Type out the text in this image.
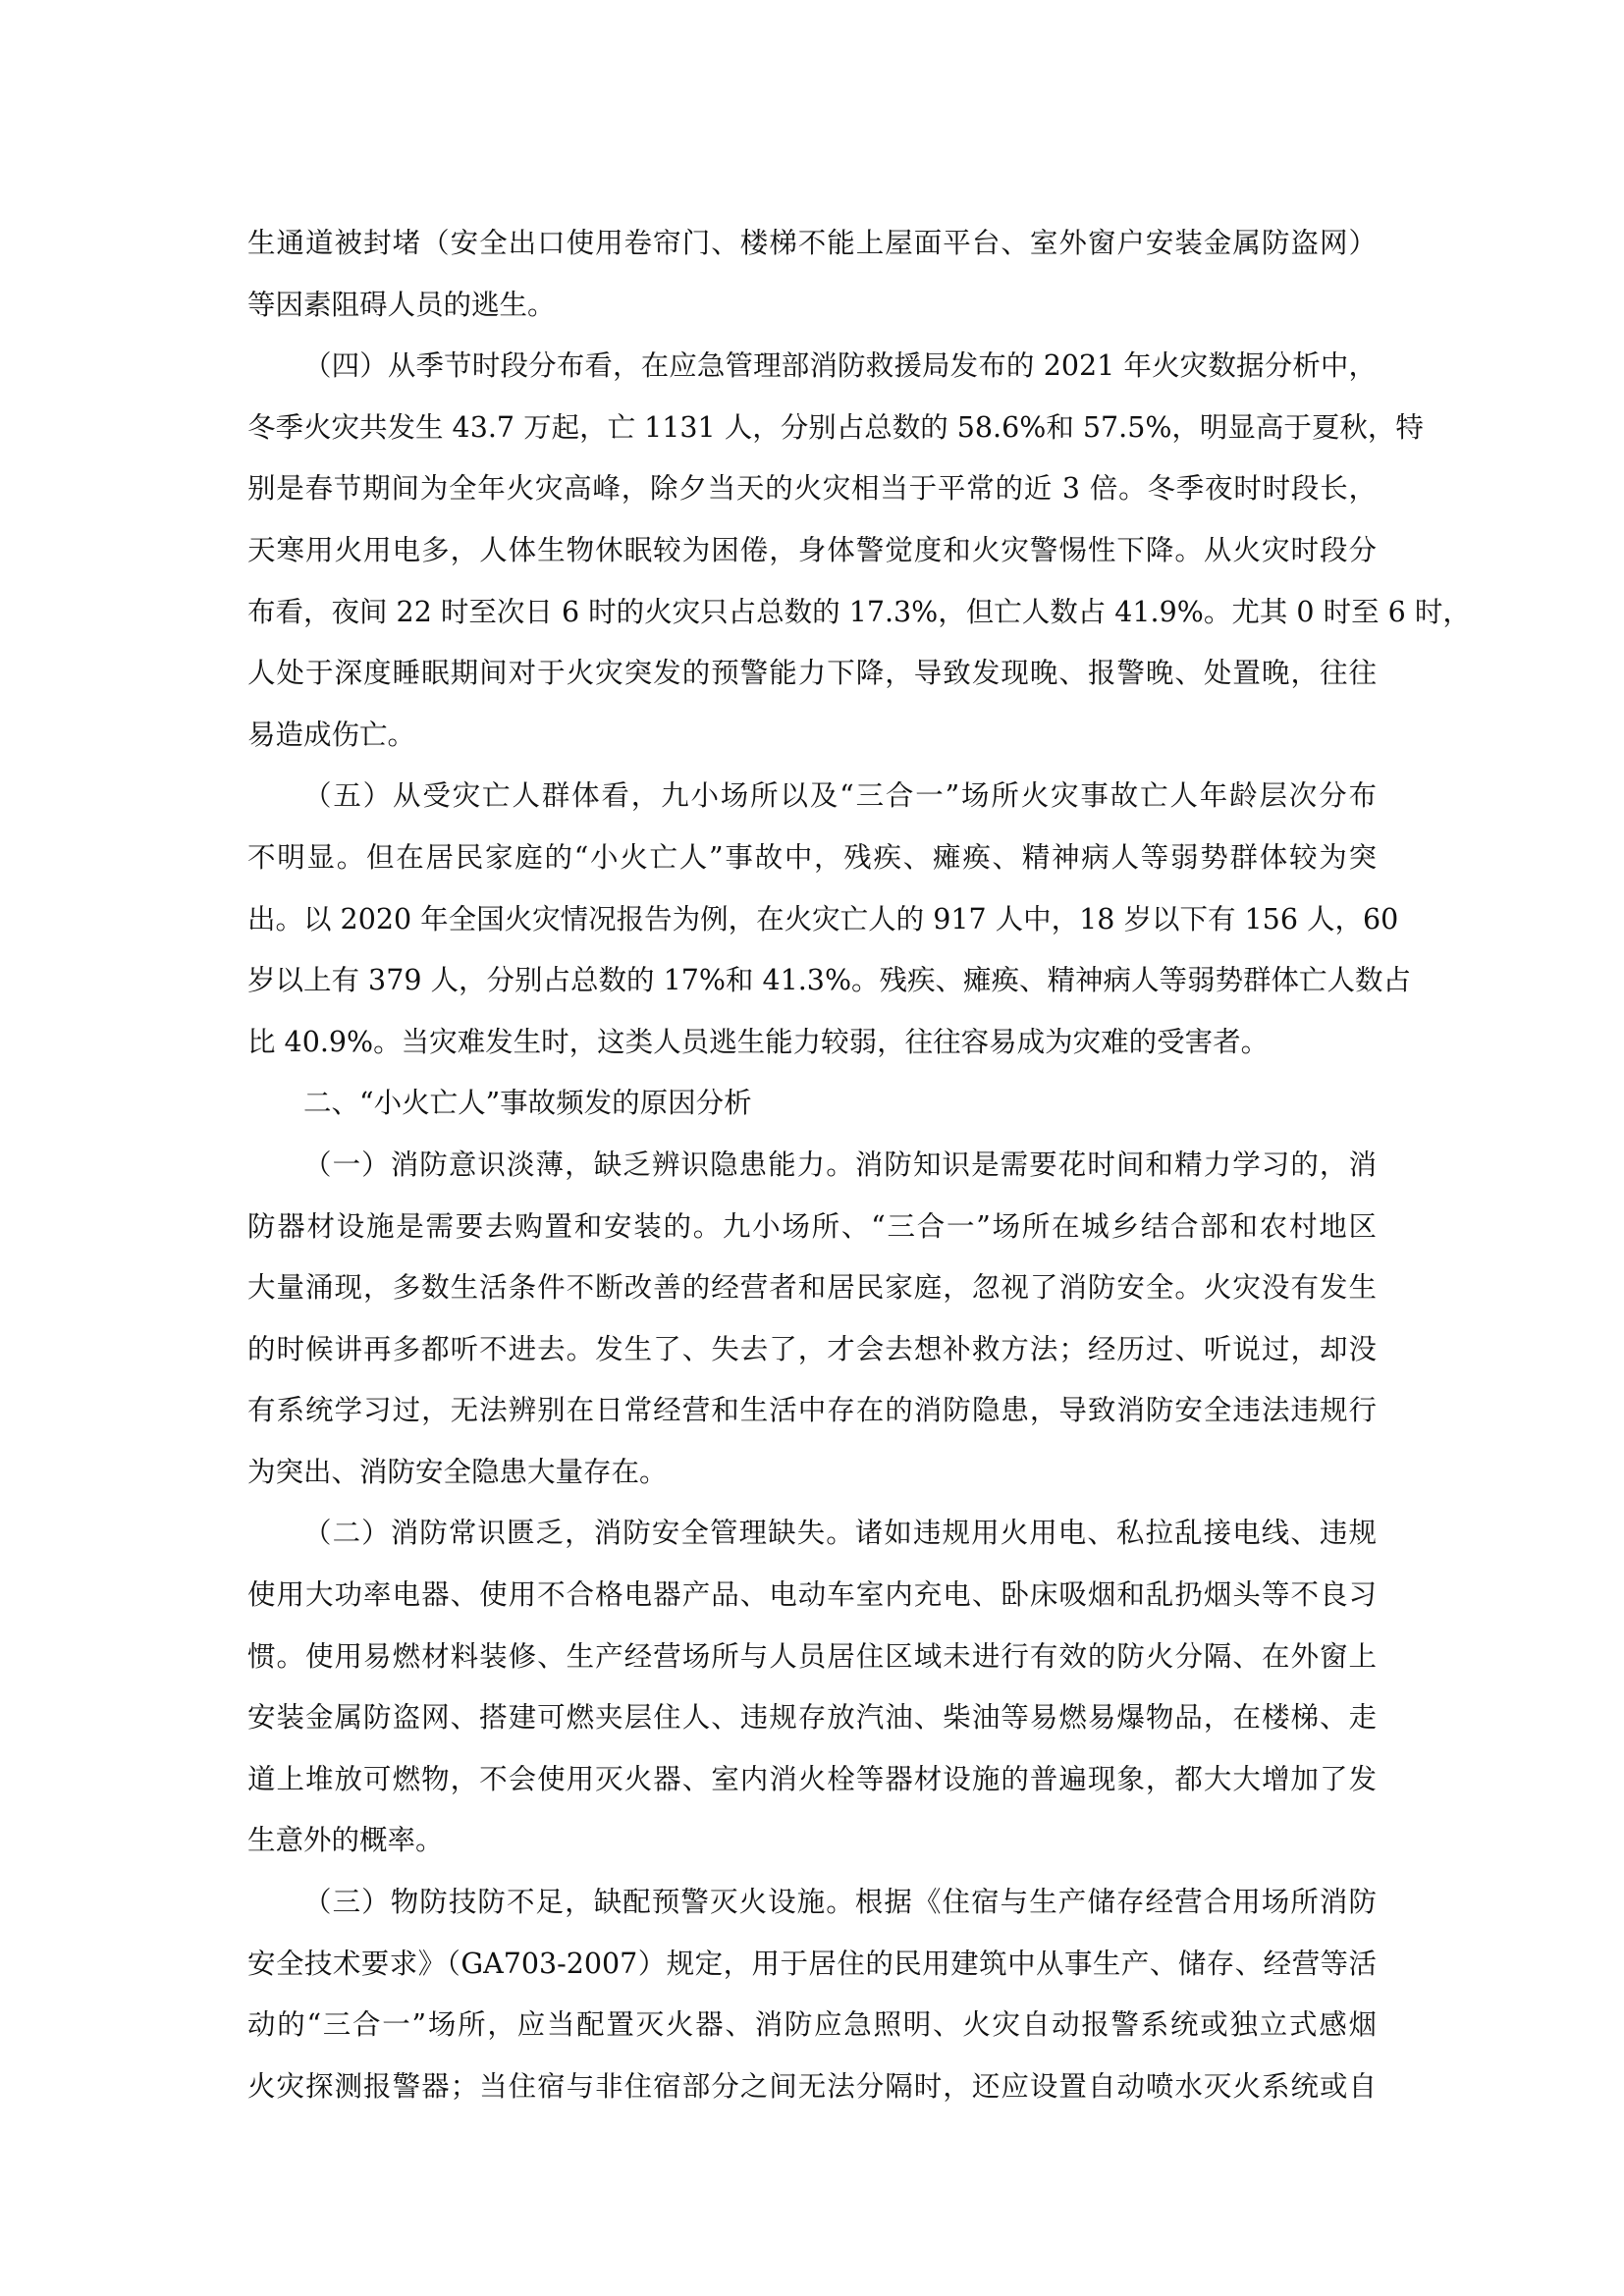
生通道被封堵（安全出口使用卷帘门、楼梯不能上屋面平台、室外窗户安装金属防盗网）
等因素阻碍人员的逃生。
（四）从季节时段分布看，在应急管理部消防救援局发布的 2021 年火灾数据分析中，
冬季火灾共发生 43.7 万起，亡 1131 人，分别占总数的 58.6%和 57.5%，明显高于夏秋，特
别是春节期间为全年火灾高峰，除夕当天的火灾相当于平常的近 3 倍。冬季夜时时段长，
天寒用火用电多，人体生物休眠较为困倦，身体警觉度和火灾警惕性下降。从火灾时段分
布看，夜间 22 时至次日 6 时的火灾只占总数的 17.3%，但亡人数占 41.9%。尤其 0 时至 6 时，
人处于深度睡眠期间对于火灾突发的预警能力下降，导致发现晚、报警晚、处置晚，往往
易造成伤亡。
（五）从受灾亡人群体看，九小场所以及“三合一”场所火灾事故亡人年龄层次分布
不明显。但在居民家庭的“小火亡人”事故中，残疾、瘫痪、精神病人等弱势群体较为突
出。以 2020 年全国火灾情况报告为例，在火灾亡人的 917 人中，18 岁以下有 156 人，60
岁以上有 379 人，分别占总数的 17%和 41.3%。残疾、瘫痪、精神病人等弱势群体亡人数占
比 40.9%。当灾难发生时，这类人员逃生能力较弱，往往容易成为灾难的受害者。
二、“小火亡人”事故频发的原因分析
（一）消防意识淡薄，缺乏辨识隐患能力。消防知识是需要花时间和精力学习的，消
防器材设施是需要去购置和安装的。九小场所、“三合一”场所在城乡结合部和农村地区
大量涌现，多数生活条件不断改善的经营者和居民家庭，忽视了消防安全。火灾没有发生
的时候讲再多都听不进去。发生了、失去了，才会去想补救方法；经历过、听说过，却没
有系统学习过，无法辨别在日常经营和生活中存在的消防隐患，导致消防安全违法违规行
为突出、消防安全隐患大量存在。
（二）消防常识匮乏，消防安全管理缺失。诸如违规用火用电、私拉乱接电线、违规
使用大功率电器、使用不合格电器产品、电动车室内充电、卧床吸烟和乱扔烟头等不良习
惯。使用易燃材料装修、生产经营场所与人员居住区域未进行有效的防火分隔、在外窗上
安装金属防盗网、搭建可燃夹层住人、违规存放汽油、柴油等易燃易爆物品，在楼梯、走
道上堆放可燃物，不会使用灭火器、室内消火栓等器材设施的普遍现象，都大大增加了发
生意外的概率。
（三）物防技防不足，缺配预警灭火设施。根据《住宿与生产储存经营合用场所消防
安全技术要求》（GA703-2007）规定，用于居住的民用建筑中从事生产、储存、经营等活
动的“三合一”场所，应当配置灭火器、消防应急照明、火灾自动报警系统或独立式感烟
火灾探测报警器；当住宿与非住宿部分之间无法分隔时，还应设置自动喷水灭火系统或自
